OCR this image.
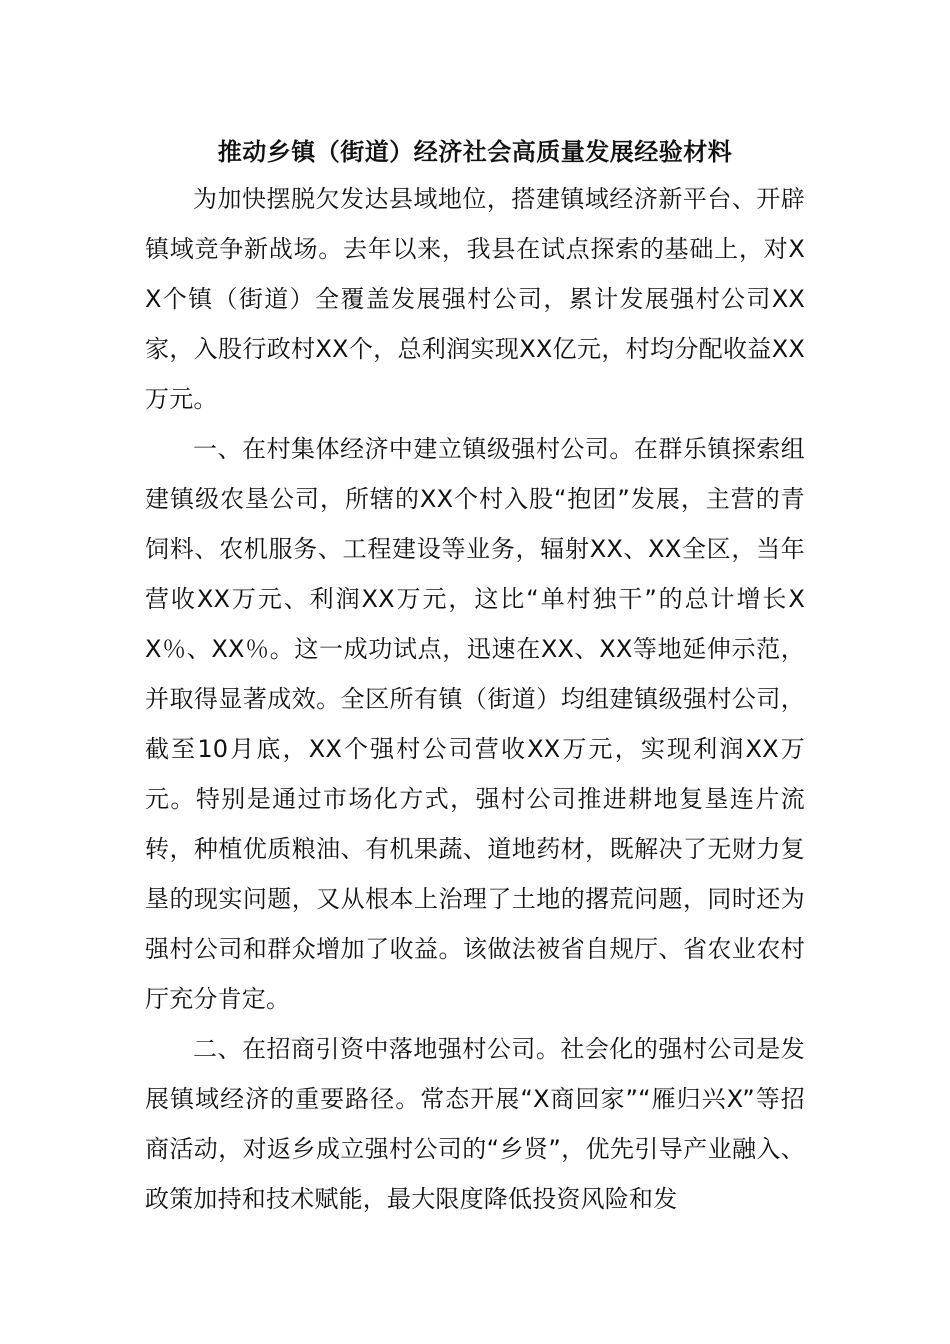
推动乡镇（街道）经济社会高质量发展经验材料

为加快摆脱欠发达县域地位，搭建镇域经济新平台、开辟镇域竞争新战场。去年以来，我县在试点探索的基础上，对XX个镇（街道）全覆盖发展强村公司，累计发展强村公司XX家，入股行政村XX个，总利润实现XX亿元，村均分配收益XX万元。

一、在村集体经济中建立镇级强村公司。在群乐镇探索组建镇级农垦公司，所辖的XX个村入股“抱团”发展，主营的青饲料、农机服务、工程建设等业务，辐射XX、XX全区，当年营收XX万元、利润XX万元，这比“单村独干”的总计增长XX％、XX％。这一成功试点，迅速在XX、XX等地延伸示范，并取得显著成效。全区所有镇（街道）均组建镇级强村公司，截至10月底，XX个强村公司营收XX万元，实现利润XX万元。特别是通过市场化方式，强村公司推进耕地复垦连片流转，种植优质粮油、有机果蔬、道地药材，既解决了无财力复垦的现实问题，又从根本上治理了土地的撂荒问题，同时还为强村公司和群众增加了收益。该做法被省自规厅、省农业农村厅充分肯定。

二、在招商引资中落地强村公司。社会化的强村公司是发展镇域经济的重要路径。常态开展“X商回家”“雁归兴X”等招商活动，对返乡成立强村公司的“乡贤”，优先引导产业融入、政策加持和技术赋能，最大限度降低投资风险和发
